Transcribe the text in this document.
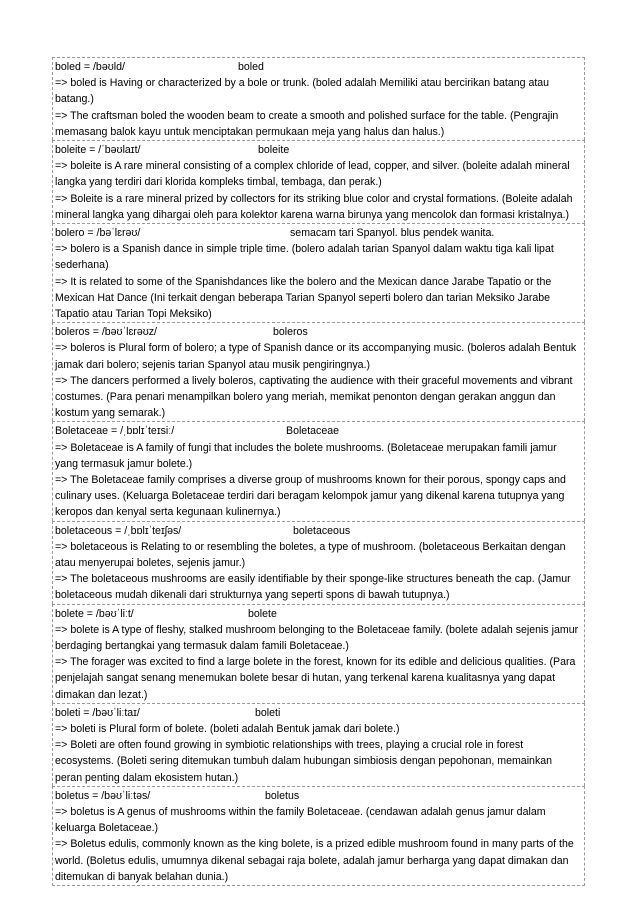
boled = /bəʊld/	boled

=> boled is Having or characterized by a bole or trunk. (boled adalah Memiliki atau bercirikan batang atau batang.)

=> The craftsman boled the wooden beam to create a smooth and polished surface for the table. (Pengrajin memasang balok kayu untuk menciptakan permukaan meja yang halus dan halus.)

boleite = /ˈbəʊlaɪt/	boleite

=> boleite is A rare mineral consisting of a complex chloride of lead, copper, and silver. (boleite adalah mineral langka yang terdiri dari klorida kompleks timbal, tembaga, dan perak.)

=> Boleite is a rare mineral prized by collectors for its striking blue color and crystal formations. (Boleite adalah mineral langka yang dihargai oleh para kolektor karena warna birunya yang mencolok dan formasi kristalnya.)

bolero = /bəˈlɛrəʊ/	semacam tari Spanyol. blus pendek wanita.

=> bolero is a Spanish dance in simple triple time. (bolero adalah tarian Spanyol dalam waktu tiga kali lipat sederhana)

=> It is related to some of the Spanishdances like the bolero and the Mexican dance Jarabe Tapatio or the Mexican Hat Dance (Ini terkait dengan beberapa Tarian Spanyol seperti bolero dan tarian Meksiko Jarabe Tapatio atau Tarian Topi Meksiko)

boleros = /bəʊˈlɛrəʊz/	boleros

=> boleros is Plural form of bolero; a type of Spanish dance or its accompanying music. (boleros adalah Bentuk jamak dari bolero; sejenis tarian Spanyol atau musik pengiringnya.)

=> The dancers performed a lively boleros, captivating the audience with their graceful movements and vibrant costumes. (Para penari menampilkan bolero yang meriah, memikat penonton dengan gerakan anggun dan kostum yang semarak.)

Boletaceae = /ˌbɒlɪˈteɪsiː/	Boletaceae

=> Boletaceae is A family of fungi that includes the bolete mushrooms. (Boletaceae merupakan famili jamur yang termasuk jamur bolete.)

=> The Boletaceae family comprises a diverse group of mushrooms known for their porous, spongy caps and culinary uses. (Keluarga Boletaceae terdiri dari beragam kelompok jamur yang dikenal karena tutupnya yang keropos dan kenyal serta kegunaan kulinernya.)

boletaceous = /ˌbɒlɪˈteɪʃəs/	boletaceous

=> boletaceous is Relating to or resembling the boletes, a type of mushroom. (boletaceous Berkaitan dengan atau menyerupai boletes, sejenis jamur.)

=> The boletaceous mushrooms are easily identifiable by their sponge-like structures beneath the cap. (Jamur boletaceous mudah dikenali dari strukturnya yang seperti spons di bawah tutupnya.)

bolete = /bəʊˈliːt/	bolete

=> bolete is A type of fleshy, stalked mushroom belonging to the Boletaceae family. (bolete adalah sejenis jamur berdaging bertangkai yang termasuk dalam famili Boletaceae.)

=> The forager was excited to find a large bolete in the forest, known for its edible and delicious qualities. (Para penjelajah sangat senang menemukan bolete besar di hutan, yang terkenal karena kualitasnya yang dapat dimakan dan lezat.)

boleti = /bəʊˈliːtaɪ/	boleti

=> boleti is Plural form of bolete. (boleti adalah Bentuk jamak dari bolete.)

=> Boleti are often found growing in symbiotic relationships with trees, playing a crucial role in forest ecosystems. (Boleti sering ditemukan tumbuh dalam hubungan simbiosis dengan pepohonan, memainkan peran penting dalam ekosistem hutan.)

boletus = /bəʊˈliːtəs/	boletus

=> boletus is A genus of mushrooms within the family Boletaceae. (cendawan adalah genus jamur dalam keluarga Boletaceae.)

=> Boletus edulis, commonly known as the king bolete, is a prized edible mushroom found in many parts of the world. (Boletus edulis, umumnya dikenal sebagai raja bolete, adalah jamur berharga yang dapat dimakan dan ditemukan di banyak belahan dunia.)
